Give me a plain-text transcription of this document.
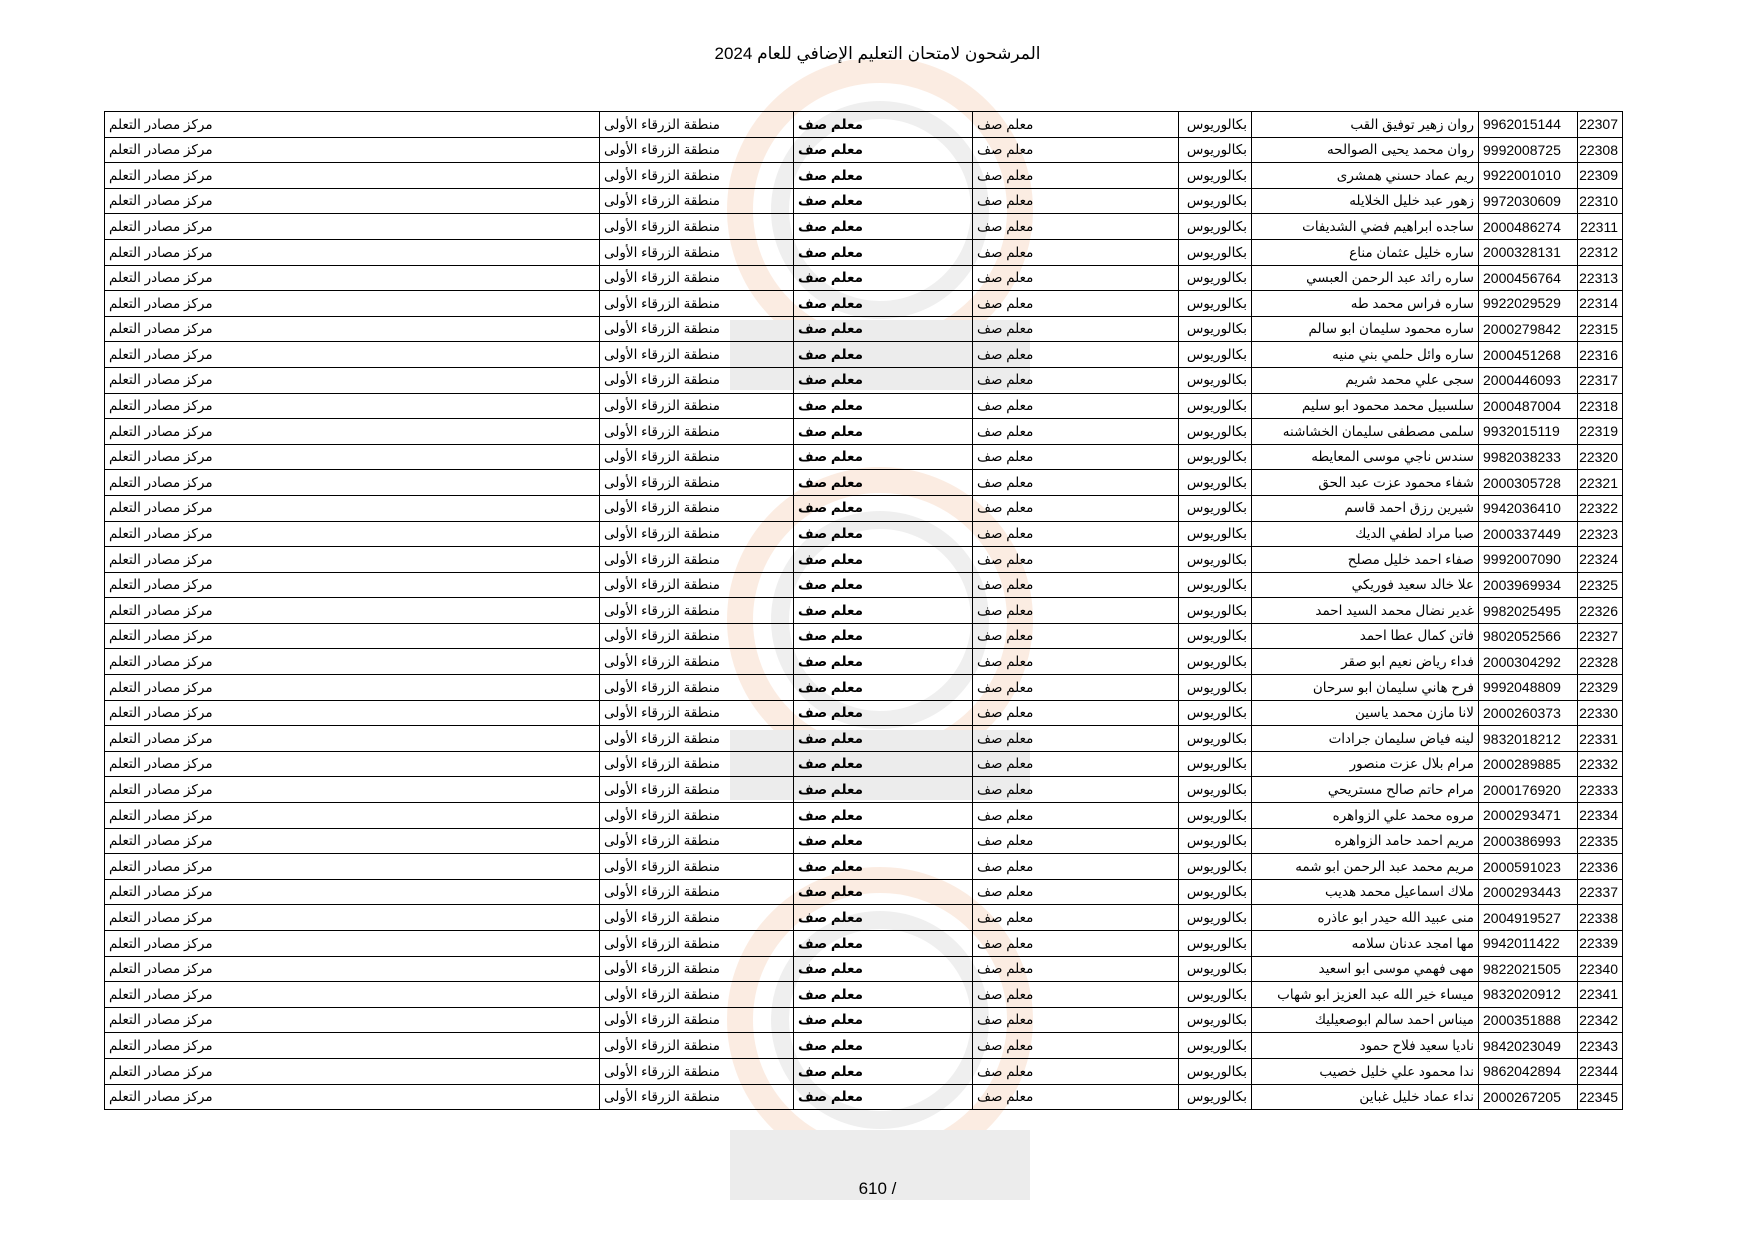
المرشحون لامتحان التعليم الإضافي للعام 2024
22307	9962015144	روان زهير توفيق القب	بكالوريوس	معلم صف	معلم صف	منطقة الزرقاء الأولى	مركز مصادر التعلم
22308	9992008725	روان محمد يحيى الصوالحه	بكالوريوس	معلم صف	معلم صف	منطقة الزرقاء الأولى	مركز مصادر التعلم
22309	9922001010	ريم عماد حسني همشرى	بكالوريوس	معلم صف	معلم صف	منطقة الزرقاء الأولى	مركز مصادر التعلم
22310	9972030609	زهور عبد خليل الخلايله	بكالوريوس	معلم صف	معلم صف	منطقة الزرقاء الأولى	مركز مصادر التعلم
22311	2000486274	ساجده ابراهيم فضي الشديفات	بكالوريوس	معلم صف	معلم صف	منطقة الزرقاء الأولى	مركز مصادر التعلم
22312	2000328131	ساره خليل عثمان مناع	بكالوريوس	معلم صف	معلم صف	منطقة الزرقاء الأولى	مركز مصادر التعلم
22313	2000456764	ساره رائد عبد الرحمن العبسي	بكالوريوس	معلم صف	معلم صف	منطقة الزرقاء الأولى	مركز مصادر التعلم
22314	9922029529	ساره فراس محمد طه	بكالوريوس	معلم صف	معلم صف	منطقة الزرقاء الأولى	مركز مصادر التعلم
22315	2000279842	ساره محمود سليمان ابو سالم	بكالوريوس	معلم صف	معلم صف	منطقة الزرقاء الأولى	مركز مصادر التعلم
22316	2000451268	ساره وائل حلمي بني منيه	بكالوريوس	معلم صف	معلم صف	منطقة الزرقاء الأولى	مركز مصادر التعلم
22317	2000446093	سجى علي محمد شريم	بكالوريوس	معلم صف	معلم صف	منطقة الزرقاء الأولى	مركز مصادر التعلم
22318	2000487004	سلسبيل محمد محمود ابو سليم	بكالوريوس	معلم صف	معلم صف	منطقة الزرقاء الأولى	مركز مصادر التعلم
22319	9932015119	سلمى مصطفى سليمان الخشاشنه	بكالوريوس	معلم صف	معلم صف	منطقة الزرقاء الأولى	مركز مصادر التعلم
22320	9982038233	سندس ناجي موسى المعايطه	بكالوريوس	معلم صف	معلم صف	منطقة الزرقاء الأولى	مركز مصادر التعلم
22321	2000305728	شفاء محمود عزت عبد الحق	بكالوريوس	معلم صف	معلم صف	منطقة الزرقاء الأولى	مركز مصادر التعلم
22322	9942036410	شيرين رزق احمد قاسم	بكالوريوس	معلم صف	معلم صف	منطقة الزرقاء الأولى	مركز مصادر التعلم
22323	2000337449	صبا مراد لطفي الديك	بكالوريوس	معلم صف	معلم صف	منطقة الزرقاء الأولى	مركز مصادر التعلم
22324	9992007090	صفاء احمد خليل مصلح	بكالوريوس	معلم صف	معلم صف	منطقة الزرقاء الأولى	مركز مصادر التعلم
22325	2003969934	علا خالد سعيد فوريكي	بكالوريوس	معلم صف	معلم صف	منطقة الزرقاء الأولى	مركز مصادر التعلم
22326	9982025495	غدير نضال محمد السيد احمد	بكالوريوس	معلم صف	معلم صف	منطقة الزرقاء الأولى	مركز مصادر التعلم
22327	9802052566	فاتن كمال عطا احمد	بكالوريوس	معلم صف	معلم صف	منطقة الزرقاء الأولى	مركز مصادر التعلم
22328	2000304292	فداء رياض نعيم ابو صقر	بكالوريوس	معلم صف	معلم صف	منطقة الزرقاء الأولى	مركز مصادر التعلم
22329	9992048809	فرح هاني سليمان ابو سرحان	بكالوريوس	معلم صف	معلم صف	منطقة الزرقاء الأولى	مركز مصادر التعلم
22330	2000260373	لانا مازن محمد ياسين	بكالوريوس	معلم صف	معلم صف	منطقة الزرقاء الأولى	مركز مصادر التعلم
22331	9832018212	لينه فياض سليمان جرادات	بكالوريوس	معلم صف	معلم صف	منطقة الزرقاء الأولى	مركز مصادر التعلم
22332	2000289885	مرام بلال عزت منصور	بكالوريوس	معلم صف	معلم صف	منطقة الزرقاء الأولى	مركز مصادر التعلم
22333	2000176920	مرام حاتم صالح مستريحي	بكالوريوس	معلم صف	معلم صف	منطقة الزرقاء الأولى	مركز مصادر التعلم
22334	2000293471	مروه محمد علي الزواهره	بكالوريوس	معلم صف	معلم صف	منطقة الزرقاء الأولى	مركز مصادر التعلم
22335	2000386993	مريم احمد حامد الزواهره	بكالوريوس	معلم صف	معلم صف	منطقة الزرقاء الأولى	مركز مصادر التعلم
22336	2000591023	مريم محمد عبد الرحمن ابو شمه	بكالوريوس	معلم صف	معلم صف	منطقة الزرقاء الأولى	مركز مصادر التعلم
22337	2000293443	ملاك اسماعيل محمد هديب	بكالوريوس	معلم صف	معلم صف	منطقة الزرقاء الأولى	مركز مصادر التعلم
22338	2004919527	منى عبيد الله حيدر ابو عاذره	بكالوريوس	معلم صف	معلم صف	منطقة الزرقاء الأولى	مركز مصادر التعلم
22339	9942011422	مها امجد عدنان سلامه	بكالوريوس	معلم صف	معلم صف	منطقة الزرقاء الأولى	مركز مصادر التعلم
22340	9822021505	مهى فهمي موسى ابو اسعيد	بكالوريوس	معلم صف	معلم صف	منطقة الزرقاء الأولى	مركز مصادر التعلم
22341	9832020912	ميساء خير الله عبد العزيز ابو شهاب	بكالوريوس	معلم صف	معلم صف	منطقة الزرقاء الأولى	مركز مصادر التعلم
22342	2000351888	ميناس احمد سالم ابوصعيليك	بكالوريوس	معلم صف	معلم صف	منطقة الزرقاء الأولى	مركز مصادر التعلم
22343	9842023049	ناديا سعيد فلاح حمود	بكالوريوس	معلم صف	معلم صف	منطقة الزرقاء الأولى	مركز مصادر التعلم
22344	9862042894	ندا محمود علي خليل خصيب	بكالوريوس	معلم صف	معلم صف	منطقة الزرقاء الأولى	مركز مصادر التعلم
22345	2000267205	نداء عماد خليل غباين	بكالوريوس	معلم صف	معلم صف	منطقة الزرقاء الأولى	مركز مصادر التعلم
610 /
